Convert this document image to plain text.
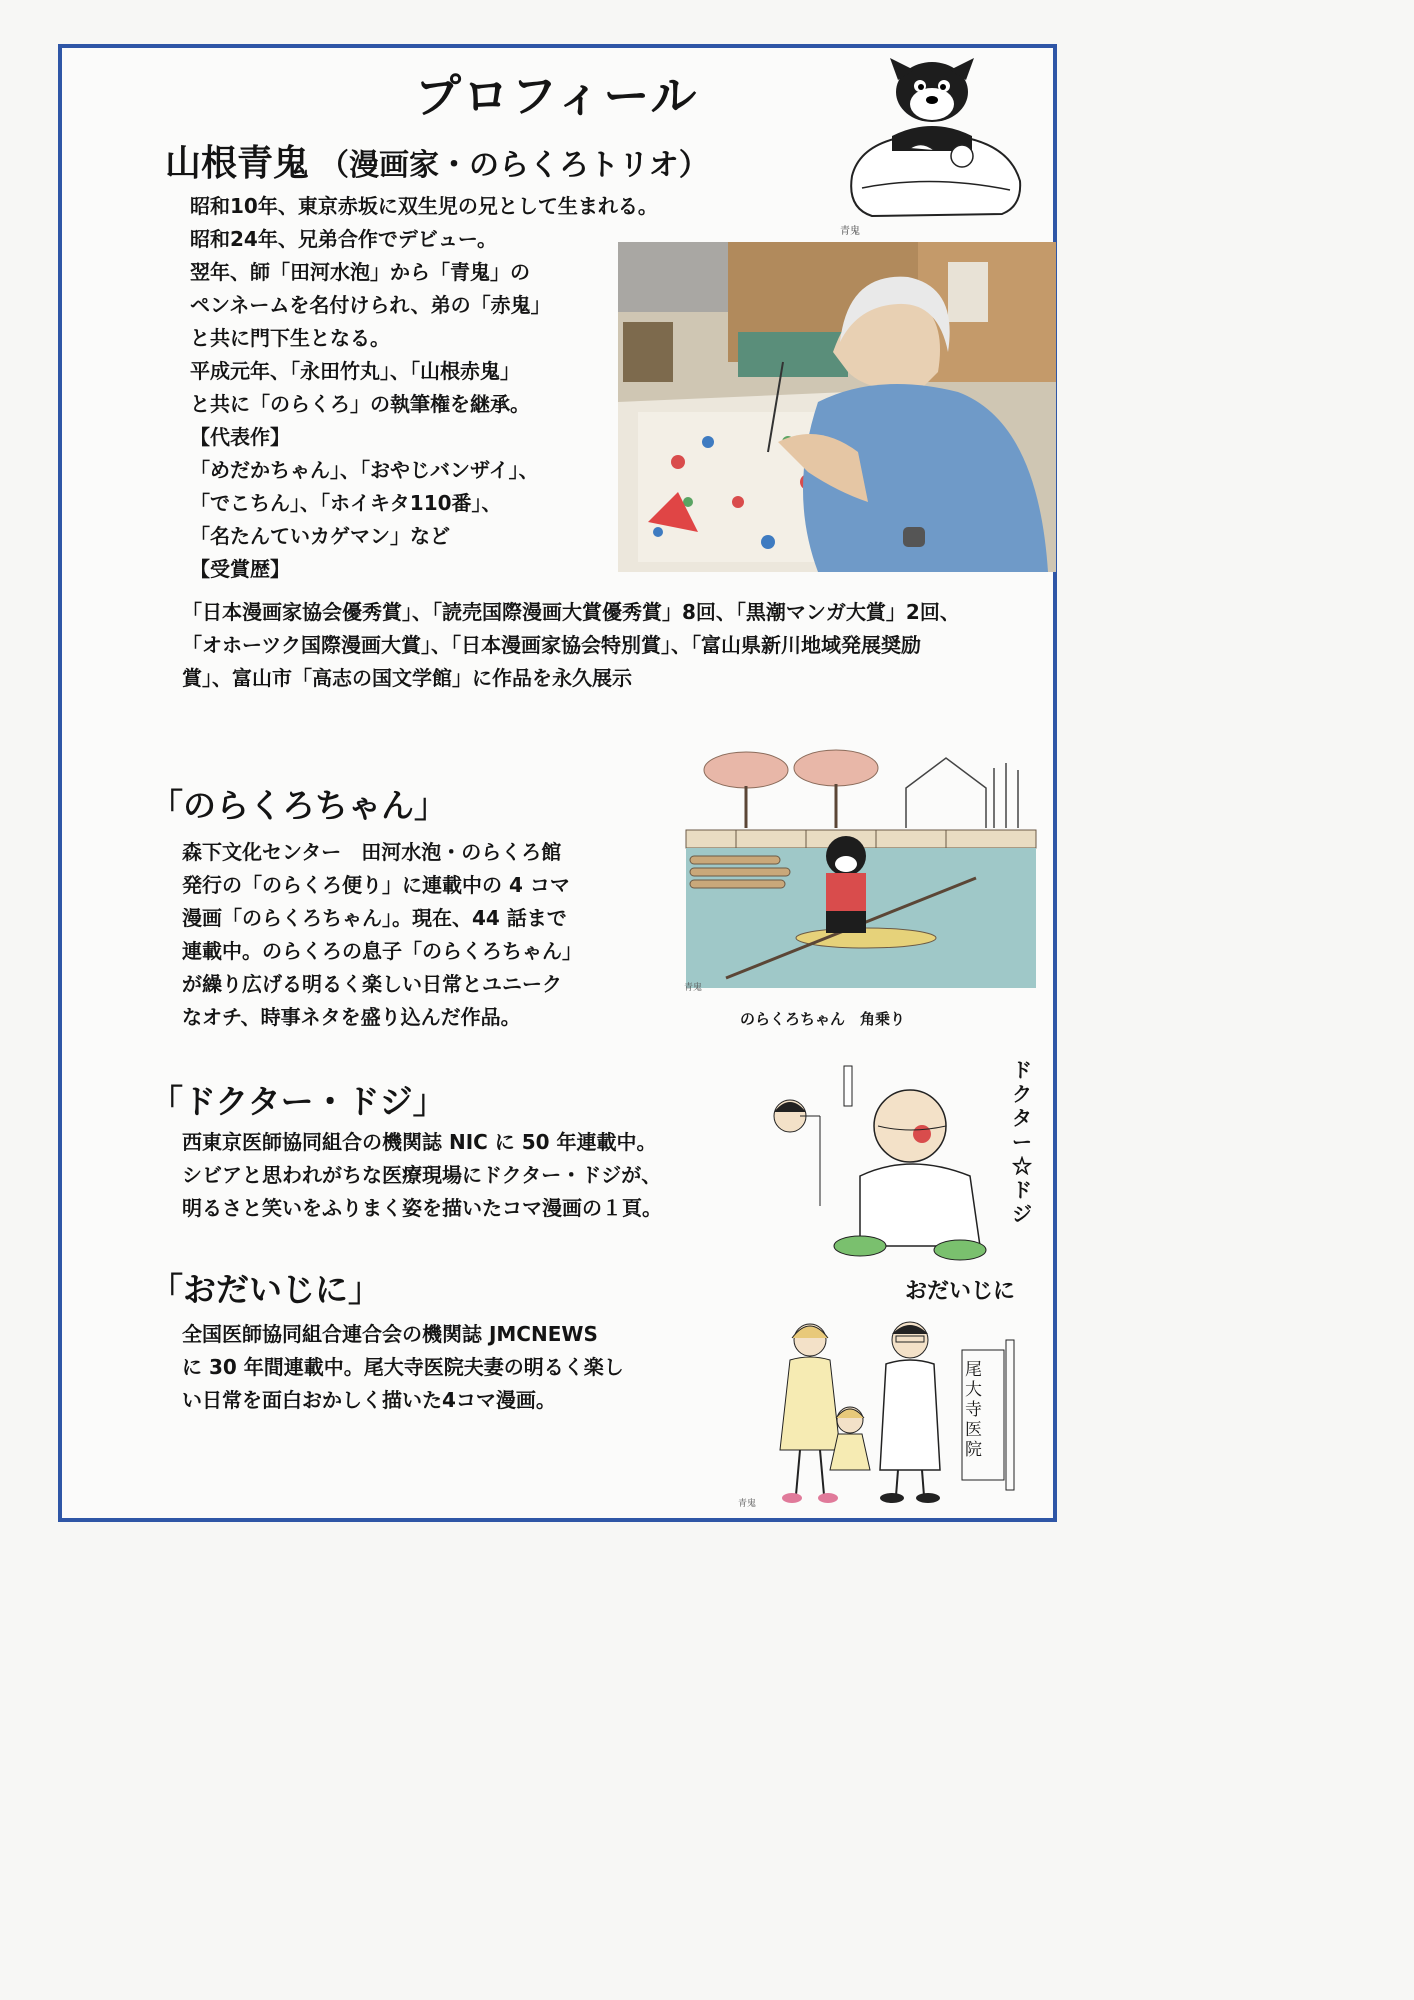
プロフィール
山根青鬼 （漫画家・のらくろトリオ）
青鬼
昭和10年、東京赤坂に双生児の兄として生まれる。
昭和24年、兄弟合作でデビュー。
翌年、師「田河水泡」から「青鬼」の
ペンネームを名付けられ、弟の「赤鬼」
と共に門下生となる。
平成元年、「永田竹丸」、「山根赤鬼」
と共に「のらくろ」の執筆権を継承。
【代表作】
「めだかちゃん」、「おやじバンザイ」、
「でこちん」、「ホイキタ110番」、
「名たんていカゲマン」など
【受賞歴】
「日本漫画家協会優秀賞」、「読売国際漫画大賞優秀賞」8回、「黒潮マンガ大賞」2回、「オホーツク国際漫画大賞」、「日本漫画家協会特別賞」、「富山県新川地域発展奨励賞」、富山市「高志の国文学館」に作品を永久展示
「のらくろちゃん」
森下文化センター　田河水泡・のらくろ館
発行の「のらくろ便り」に連載中の 4 コマ
漫画「のらくろちゃん」。現在、44 話まで
連載中。のらくろの息子「のらくろちゃん」
が繰り広げる明るく楽しい日常とユニーク
なオチ、時事ネタを盛り込んだ作品。
青鬼
のらくろちゃん　角乗り
「ドクター・ドジ」
西東京医師協同組合の機関誌 NIC に 50 年連載中。
シビアと思われがちな医療現場にドクター・ドジが、
明るさと笑いをふりまく姿を描いたコマ漫画の１頁。
ドクター☆ドジ
「おだいじに」
全国医師協同組合連合会の機関誌 JMCNEWS
に 30 年間連載中。尾大寺医院夫妻の明るく楽し
い日常を面白おかしく描いた4コマ漫画。
おだいじに
青鬼
尾大寺医院
